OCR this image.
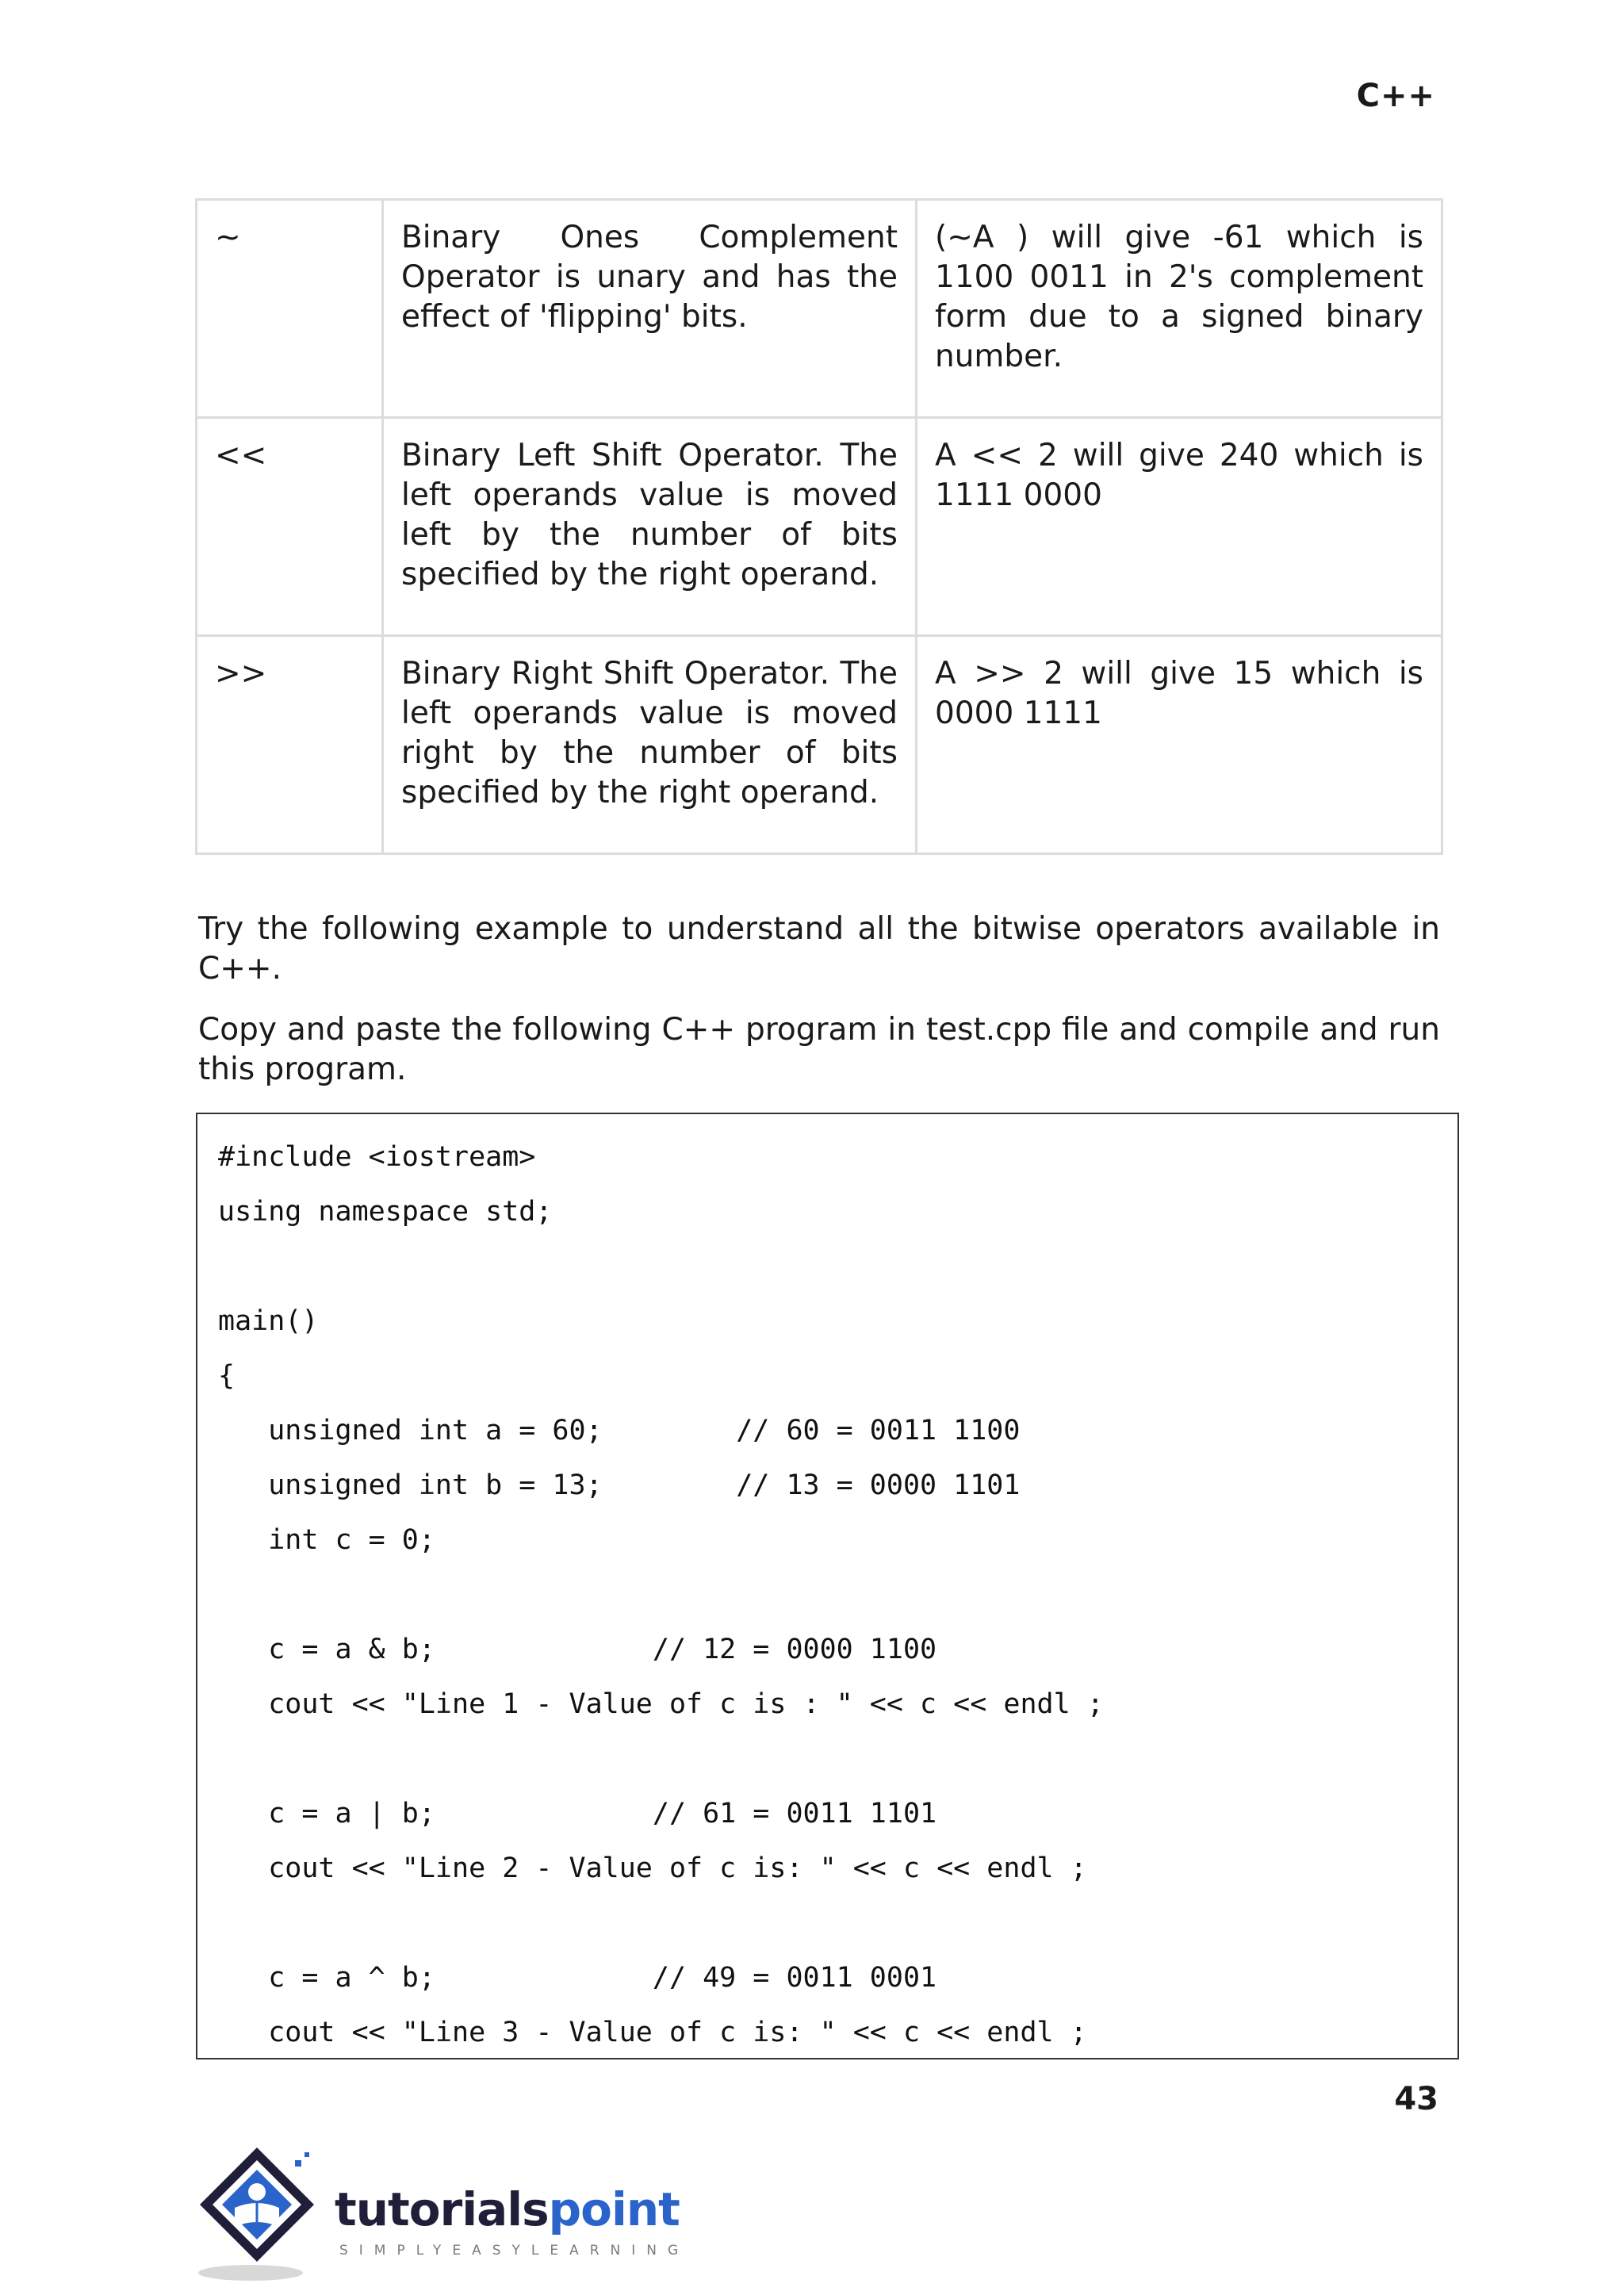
C++
~	Binary Ones Complement Operator is unary and has the effect of 'flipping' bits.	(~A ) will give -61 which is 1100 0011 in 2's complement form due to a signed binary number.
<<	Binary Left Shift Operator. The left operands value is moved left by the number of bits specified by the right operand.	A << 2 will give 240 which is 1111 0000
>>	Binary Right Shift Operator. The left operands value is moved right by the number of bits specified by the right operand.	A >> 2 will give 15 which is 0000 1111

Try the following example to understand all the bitwise operators available in C++.

Copy and paste the following C++ program in test.cpp file and compile and run this program.

#include <iostream>
using namespace std;
main()
{
unsigned int a = 60;        // 60 = 0011 1100
unsigned int b = 13;        // 13 = 0000 1101
int c = 0;
c = a & b;             // 12 = 0000 1100
cout << "Line 1 - Value of c is : " << c << endl ;
c = a | b;             // 61 = 0011 1101
cout << "Line 2 - Value of c is: " << c << endl ;
c = a ^ b;             // 49 = 0011 0001
cout << "Line 3 - Value of c is: " << c << endl ;
43
tutorialspoint
SIMPLYEASYLEARNING
